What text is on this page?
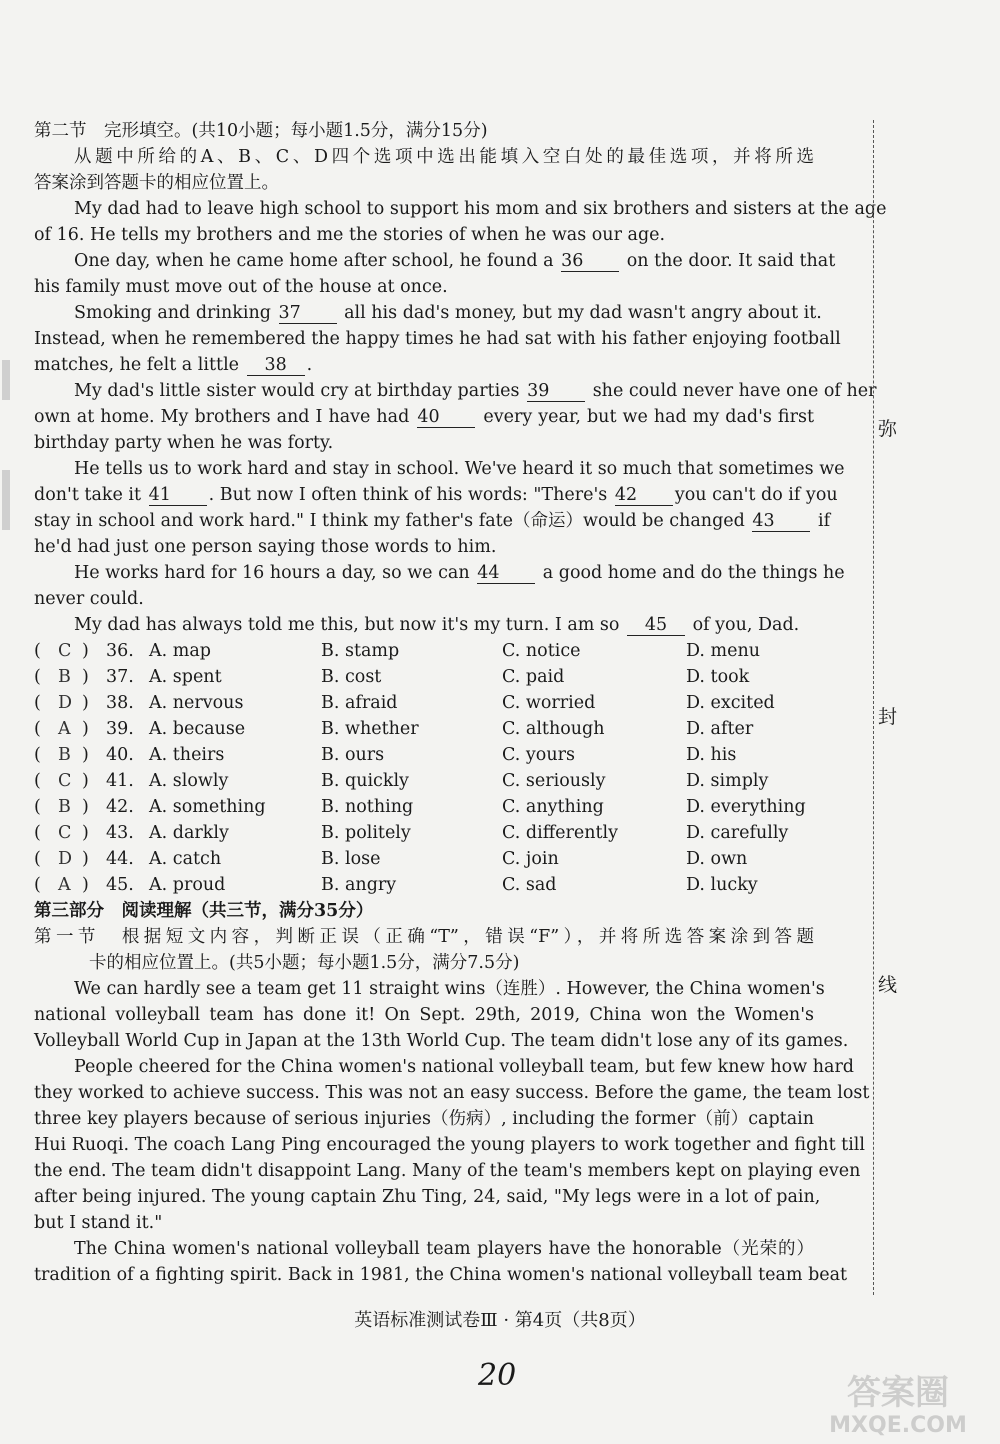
第二节　完形填空。(共10小题；每小题1.5分，满分15分)
从题中所给的A、B、C、D四个选项中选出能填入空白处的最佳选项，并将所选
答案涂到答题卡的相应位置上。
My dad had to leave high school to support his mom and six brothers and sisters at the age
of 16. He tells my brothers and me the stories of when he was our age.
One day, when he came home after school, he found a 36 on the door. It said that
his family must move out of the house at once.
Smoking and drinking 37 all his dad's money, but my dad wasn't angry about it.
Instead, when he remembered the happy times he had sat with his father enjoying football
matches, he felt a little 38 .
My dad's little sister would cry at birthday parties 39 she could never have one of her
own at home. My brothers and I have had 40	every year, but we had my dad's first
birthday party when he was forty.
He tells us to work hard and stay in school. We've heard it so much that sometimes we
don't take it 41 . But now I often think of his words: "There's 42 you can't do if you
stay in school and work hard." I think my father's fate（命运）would be changed 43 if
he'd had just one person saying those words to him.
He works hard for 16 hours a day, so we can 44 a good home and do the things he
never could.
My dad has always told me this, but now it's my turn. I am so 45 of you, Dad.
( C ) 36. A. map	B. stamp	C. notice	D. menu
( B ) 37. A. spent	B. cost	C. paid	D. took
( D ) 38. A. nervous	B. afraid	C. worried	D. excited
( A ) 39. A. because	B. whether	C. although	D. after
( B ) 40. A. theirs	B. ours	C. yours	D. his
( C ) 41. A. slowly	B. quickly	C. seriously	D. simply
( B ) 42. A. something	B. nothing	C. anything	D. everything
( C ) 43. A. darkly	B. politely	C. differently	D. carefully
( D ) 44. A. catch	B. lose	C. join	D. own
( A ) 45. A. proud	B. angry	C. sad	D. lucky
第三部分　阅读理解（共三节，满分35分）
第一节　根据短文内容，判断正误（正确“T”，错误“F”），并将所选答案涂到答题
卡的相应位置上。(共5小题；每小题1.5分，满分7.5分)
We can hardly see a team get 11 straight wins（连胜）. However, the China women's
national volleyball team has done it! On Sept. 29th, 2019, China won the Women's
Volleyball World Cup in Japan at the 13th World Cup. The team didn't lose any of its games.
People cheered for the China women's national volleyball team, but few knew how hard
they worked to achieve success. This was not an easy success. Before the game, the team lost
three key players because of serious injuries（伤病）, including the former（前）captain
Hui Ruoqi. The coach Lang Ping encouraged the young players to work together and fight till
the end. The team didn't disappoint Lang. Many of the team's members kept on playing even
after being injured. The young captain Zhu Ting, 24, said, "My legs were in a lot of pain,
but I stand it."
The China women's national volleyball team players have the honorable（光荣的）
tradition of a fighting spirit. Back in 1981, the China women's national volleyball team beat
弥
封
线
英语标准测试卷Ⅲ · 第4页（共8页）
20	答案圈
MXQE.COM
